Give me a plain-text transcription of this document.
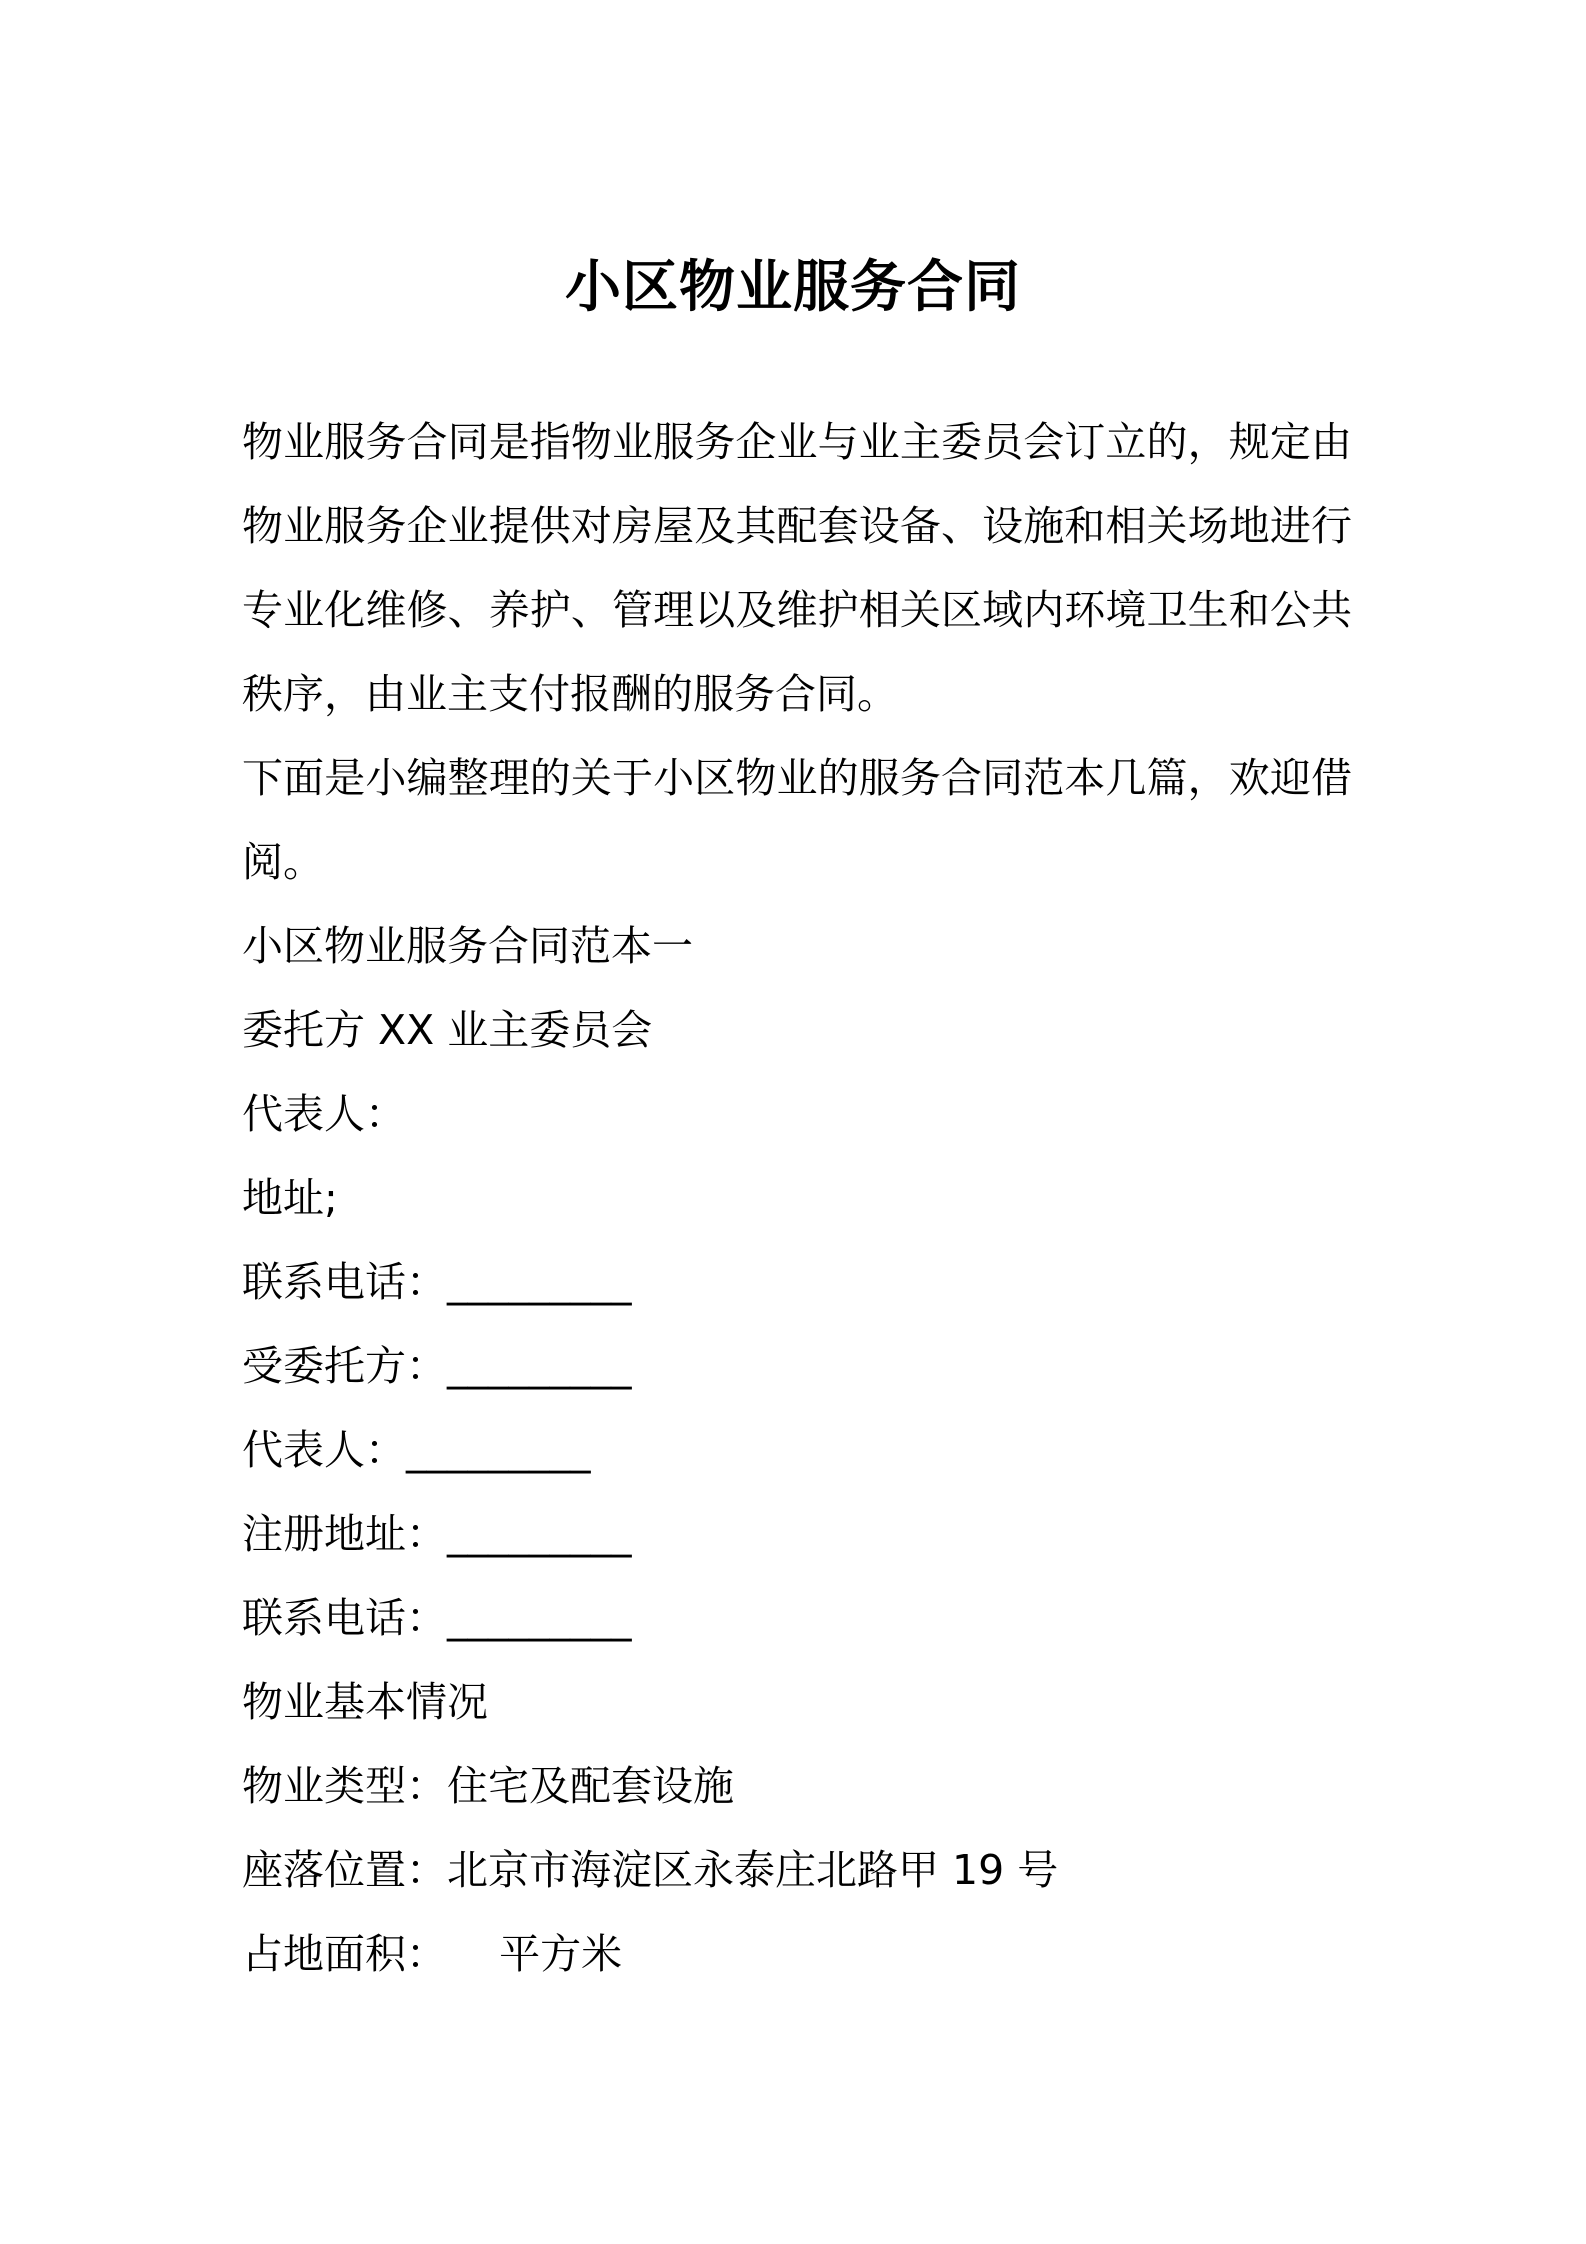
小区物业服务合同

物业服务合同是指物业服务企业与业主委员会订立的，规定由物业服务企业提供对房屋及其配套设备、设施和相关场地进行专业化维修、养护、管理以及维护相关区域内环境卫生和公共秩序，由业主支付报酬的服务合同。

下面是小编整理的关于小区物业的服务合同范本几篇，欢迎借阅。

小区物业服务合同范本一

委托方 XX 业主委员会

代表人：

地址;

联系电话：_________

受委托方：_________

代表人：_________

注册地址：_________

联系电话：_________

物业基本情况

物业类型：住宅及配套设施

座落位置：北京市海淀区永泰庄北路甲 19 号

占地面积：    平方米
